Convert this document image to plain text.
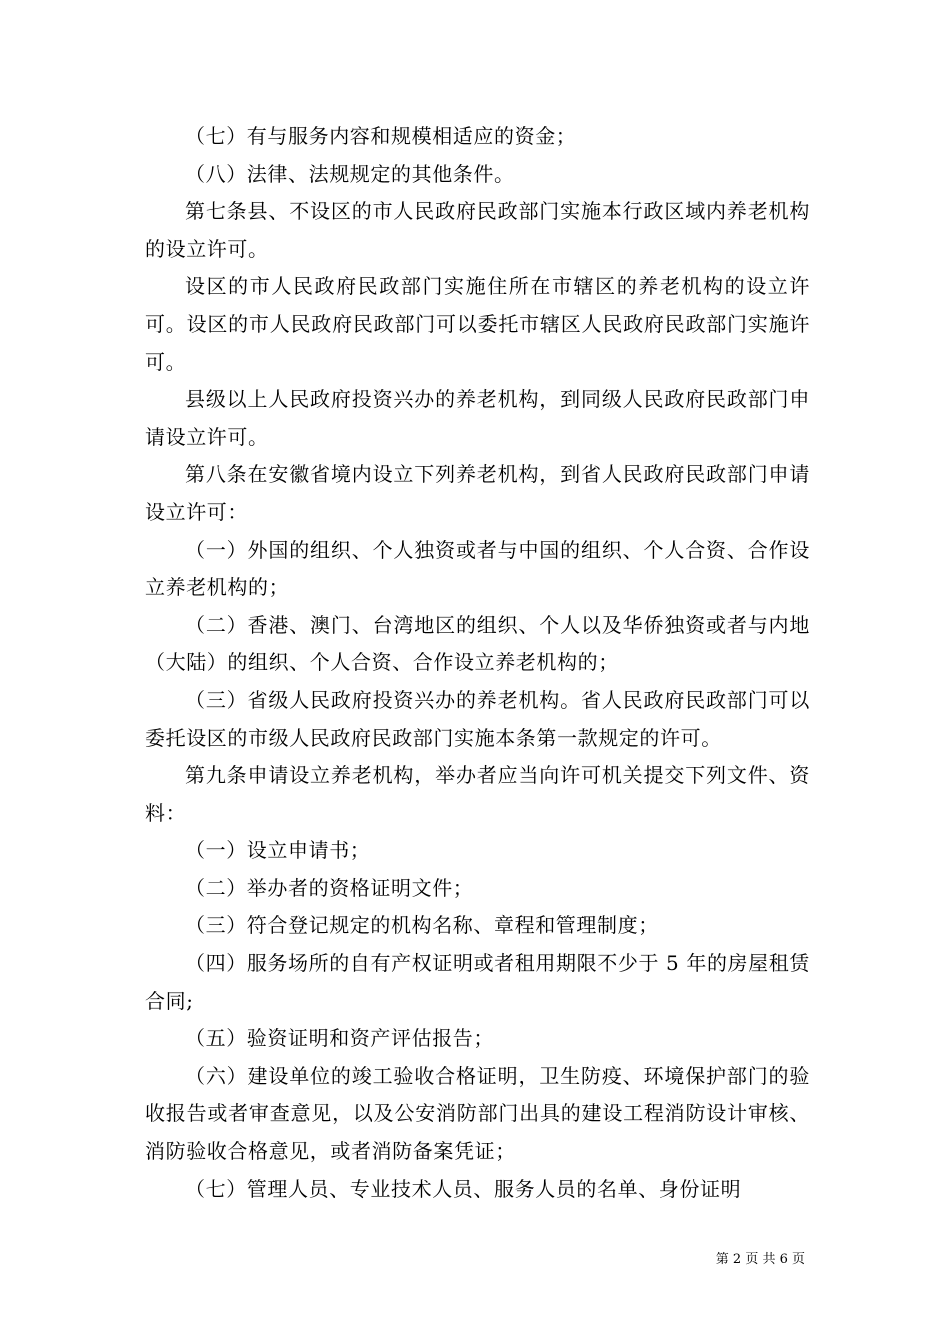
（七）有与服务内容和规模相适应的资金；

（八）法律、法规规定的其他条件。

第七条县、不设区的市人民政府民政部门实施本行政区域内养老机构的设立许可。

设区的市人民政府民政部门实施住所在市辖区的养老机构的设立许可。设区的市人民政府民政部门可以委托市辖区人民政府民政部门实施许可。

县级以上人民政府投资兴办的养老机构，到同级人民政府民政部门申请设立许可。

第八条在安徽省境内设立下列养老机构，到省人民政府民政部门申请设立许可：

（一）外国的组织、个人独资或者与中国的组织、个人合资、合作设立养老机构的；

（二）香港、澳门、台湾地区的组织、个人以及华侨独资或者与内地（大陆）的组织、个人合资、合作设立养老机构的；

（三）省级人民政府投资兴办的养老机构。省人民政府民政部门可以委托设区的市级人民政府民政部门实施本条第一款规定的许可。

第九条申请设立养老机构，举办者应当向许可机关提交下列文件、资料：

（一）设立申请书；

（二）举办者的资格证明文件；

（三）符合登记规定的机构名称、章程和管理制度；

（四）服务场所的自有产权证明或者租用期限不少于 5 年的房屋租赁合同;

（五）验资证明和资产评估报告；

（六）建设单位的竣工验收合格证明，卫生防疫、环境保护部门的验收报告或者审查意见，以及公安消防部门出具的建设工程消防设计审核、消防验收合格意见，或者消防备案凭证；

（七）管理人员、专业技术人员、服务人员的名单、身份证明

第 2 页 共 6 页
